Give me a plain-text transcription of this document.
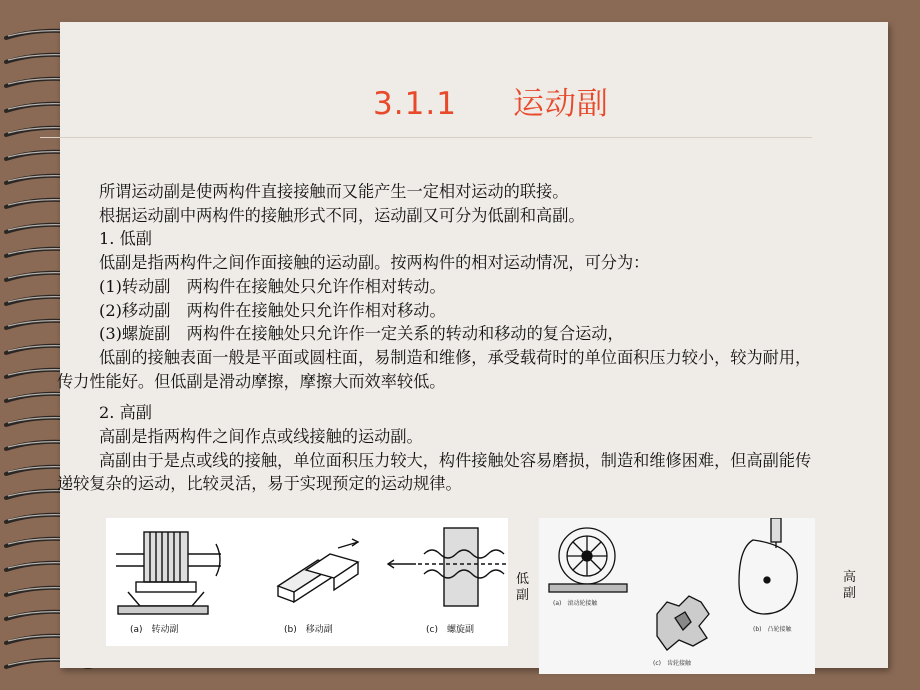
3.1.1 运动副

所谓运动副是使两构件直接接触而又能产生一定相对运动的联接。

根据运动副中两构件的接触形式不同，运动副又可分为低副和高副。

1. 低副

低副是指两构件之间作面接触的运动副。按两构件的相对运动情况，可分为：

(1)转动副　两构件在接触处只允许作相对转动。

(2)移动副　两构件在接触处只允许作相对移动。

(3)螺旋副　两构件在接触处只允许作一定关系的转动和移动的复合运动，

低副的接触表面一般是平面或圆柱面，易制造和维修，承受载荷时的单位面积压力较小，较为耐用，传力性能好。但低副是滑动摩擦，摩擦大而效率较低。

2. 高副

高副是指两构件之间作点或线接触的运动副。

高副由于是点或线的接触，单位面积压力较大，构件接触处容易磨损，制造和维修困难，但高副能传递较复杂的运动，比较灵活，易于实现预定的运动规律。

(a)　转动副	(b)　移动副	(c)　螺旋副
低副
(a)　滚动轮接触
(b)　凸轮接触
(c)　齿轮接触
高副
